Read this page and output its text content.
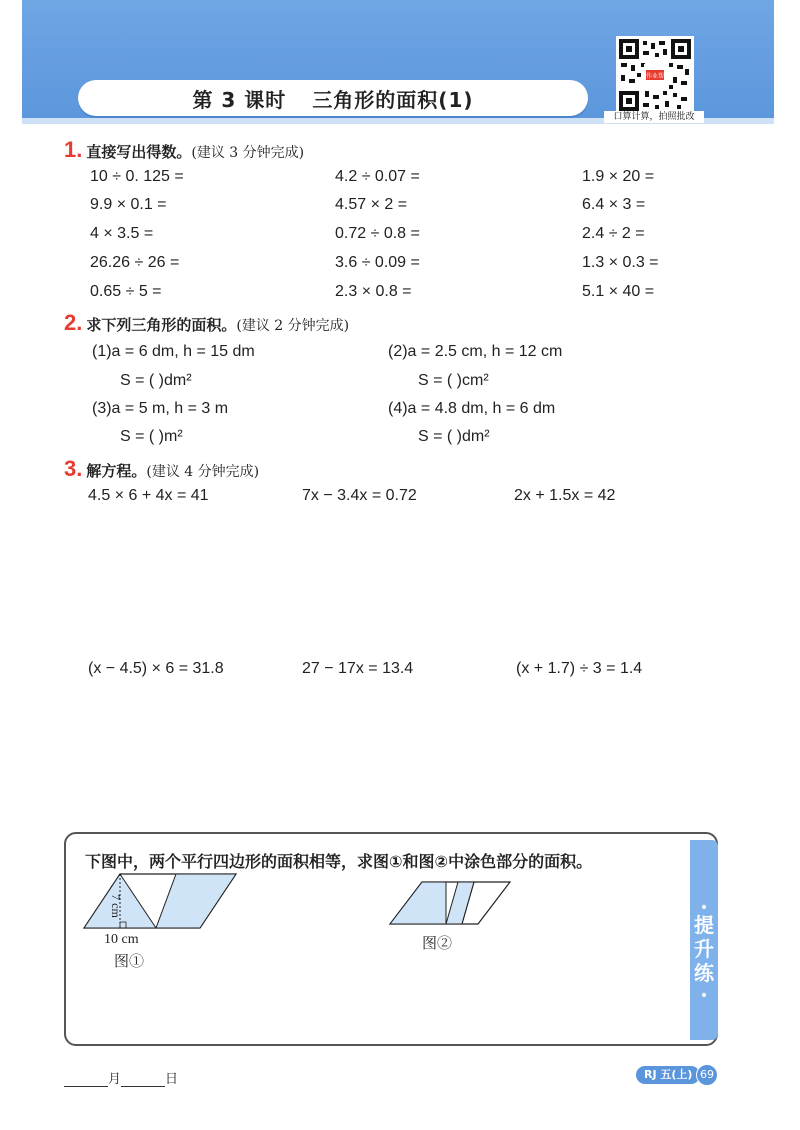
第 3 课时 三角形的面积(1)
作业帮
口算计算，拍照批改
1. 直接写出得数。(建议 3 分钟完成)
10 ÷ 0. 125 =	4.2 ÷ 0.07 =	1.9 × 20 =
9.9 × 0.1 =	4.57 × 2 =	6.4 × 3 =
4 × 3.5 =	0.72 ÷ 0.8 =	2.4 ÷ 2 =
26.26 ÷ 26 =	3.6 ÷ 0.09 =	1.3 × 0.3 =
0.65 ÷ 5 =	2.3 × 0.8 =	5.1 × 40 =
2. 求下列三角形的面积。(建议 2 分钟完成)
(1)a = 6 dm, h = 15 dm	(2)a = 2.5 cm, h = 12 cm
S = ( )dm²	S = ( )cm²
(3)a = 5 m, h = 3 m	(4)a = 4.8 dm, h = 6 dm
S = ( )m²	S = ( )dm²
3. 解方程。(建议 4 分钟完成)
4.5 × 6 + 4x = 41	7x − 3.4x = 0.72	2x + 1.5x = 42
(x − 4.5) × 6 = 31.8	27 − 17x = 13.4	(x + 1.7) ÷ 3 = 1.4
•
提
升
练
•
下图中，两个平行四边形的面积相等，求图①和图②中涂色部分的面积。
7 cm
10 cm
图①
图②
月	日	RJ 五(上) 69
